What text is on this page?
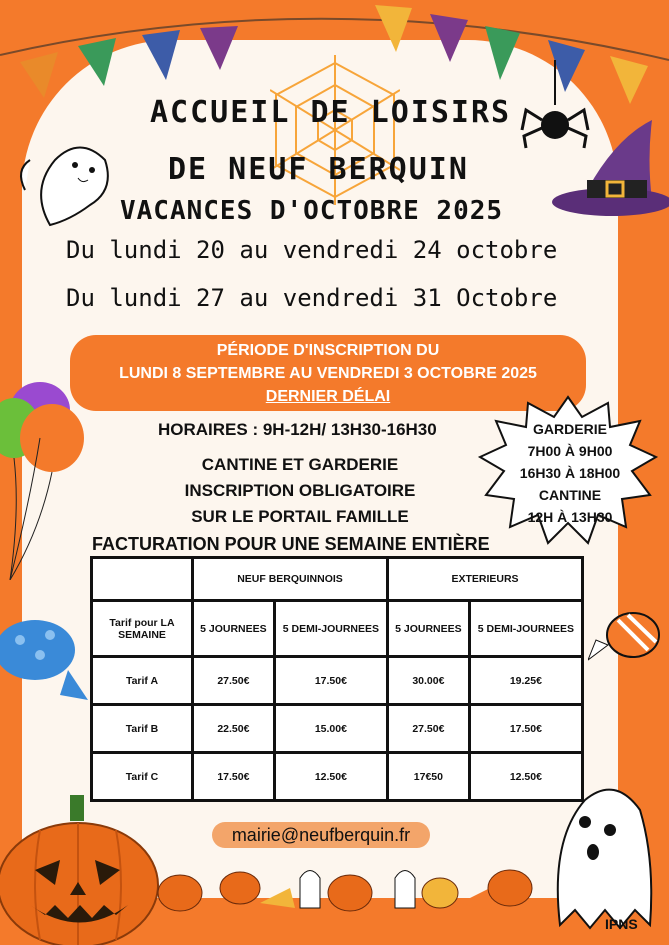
ACCUEIL DE LOISIRS
DE NEUF BERQUIN
VACANCES D'OCTOBRE 2025
Du lundi 20 au vendredi 24 octobre
Du lundi 27 au vendredi 31 Octobre
PÉRIODE D'INSCRIPTION DU
LUNDI 8 SEPTEMBRE AU VENDREDI 3 OCTOBRE 2025
DERNIER DÉLAI
HORAIRES : 9H-12H/ 13H30-16H30
CANTINE ET GARDERIE
INSCRIPTION OBLIGATOIRE
SUR LE PORTAIL FAMILLE
GARDERIE
7H00 À 9H00
16H30 À 18H00
CANTINE
12H À 13H30
FACTURATION POUR UNE SEMAINE ENTIÈRE
	NEUF BERQUINNOIS		EXTERIEURS	
Tarif pour LA SEMAINE	5 JOURNEES	5 DEMI-JOURNEES	5 JOURNEES	5 DEMI-JOURNEES
Tarif A	27.50€	17.50€	30.00€	19.25€
Tarif B	22.50€	15.00€	27.50€	17.50€
Tarif C	17.50€	12.50€	17€50	12.50€
mairie@neufberquin.fr
IPNS
